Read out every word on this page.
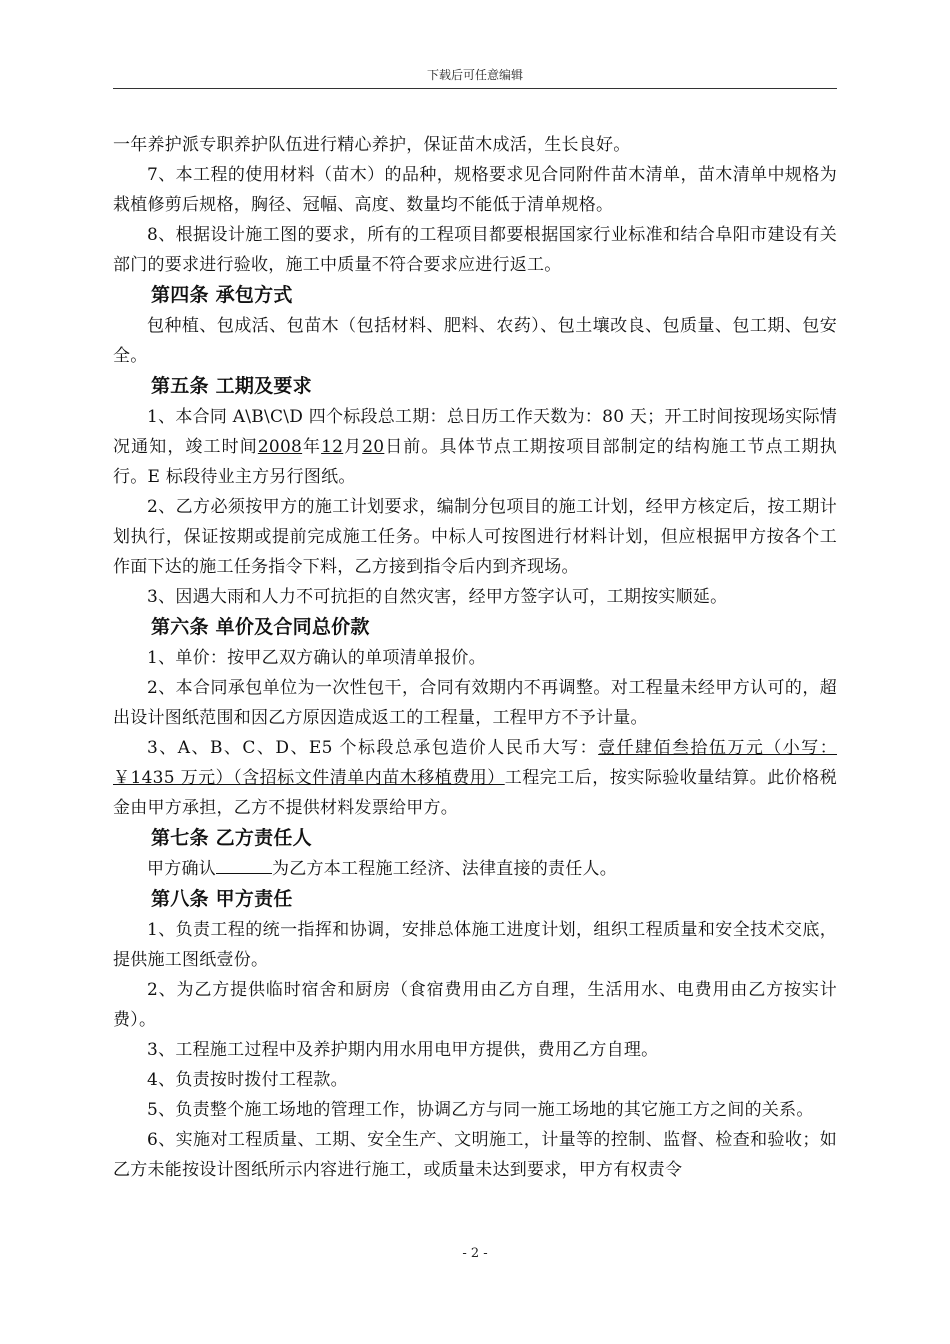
下载后可任意编辑

一年养护派专职养护队伍进行精心养护，保证苗木成活，生长良好。

7、本工程的使用材料（苗木）的品种，规格要求见合同附件苗木清单，苗木清单中规格为栽植修剪后规格，胸径、冠幅、高度、数量均不能低于清单规格。

8、根据设计施工图的要求，所有的工程项目都要根据国家行业标准和结合阜阳市建设有关部门的要求进行验收，施工中质量不符合要求应进行返工。

第四条 承包方式

包种植、包成活、包苗木（包括材料、肥料、农药）、包土壤改良、包质量、包工期、包安全。

第五条 工期及要求

1、本合同 A\B\C\D 四个标段总工期：总日历工作天数为：80 天；开工时间按现场实际情况通知，竣工时间2008年12月20日前。具体节点工期按项目部制定的结构施工节点工期执行。E 标段待业主方另行图纸。

2、乙方必须按甲方的施工计划要求，编制分包项目的施工计划，经甲方核定后，按工期计划执行，保证按期或提前完成施工任务。中标人可按图进行材料计划，但应根据甲方按各个工作面下达的施工任务指令下料，乙方接到指令后内到齐现场。

3、因遇大雨和人力不可抗拒的自然灾害，经甲方签字认可，工期按实顺延。

第六条 单价及合同总价款

1、单价：按甲乙双方确认的单项清单报价。

2、本合同承包单位为一次性包干，合同有效期内不再调整。对工程量未经甲方认可的，超出设计图纸范围和因乙方原因造成返工的工程量，工程甲方不予计量。

3、A、B、C、D、E5 个标段总承包造价人民币大写：壹仟肆佰叁拾伍万元（小写：￥1435 万元）（含招标文件清单内苗木移植费用）工程完工后，按实际验收量结算。此价格税金由甲方承担，乙方不提供材料发票给甲方。

第七条 乙方责任人

甲方确认	为乙方本工程施工经济、法律直接的责任人。

第八条 甲方责任

1、负责工程的统一指挥和协调，安排总体施工进度计划，组织工程质量和安全技术交底，提供施工图纸壹份。

2、为乙方提供临时宿舍和厨房（食宿费用由乙方自理，生活用水、电费用由乙方按实计费）。

3、工程施工过程中及养护期内用水用电甲方提供，费用乙方自理。

4、负责按时拨付工程款。

5、负责整个施工场地的管理工作，协调乙方与同一施工场地的其它施工方之间的关系。

6、实施对工程质量、工期、安全生产、文明施工，计量等的控制、监督、检查和验收；如乙方未能按设计图纸所示内容进行施工，或质量未达到要求，甲方有权责令

- 2 -
